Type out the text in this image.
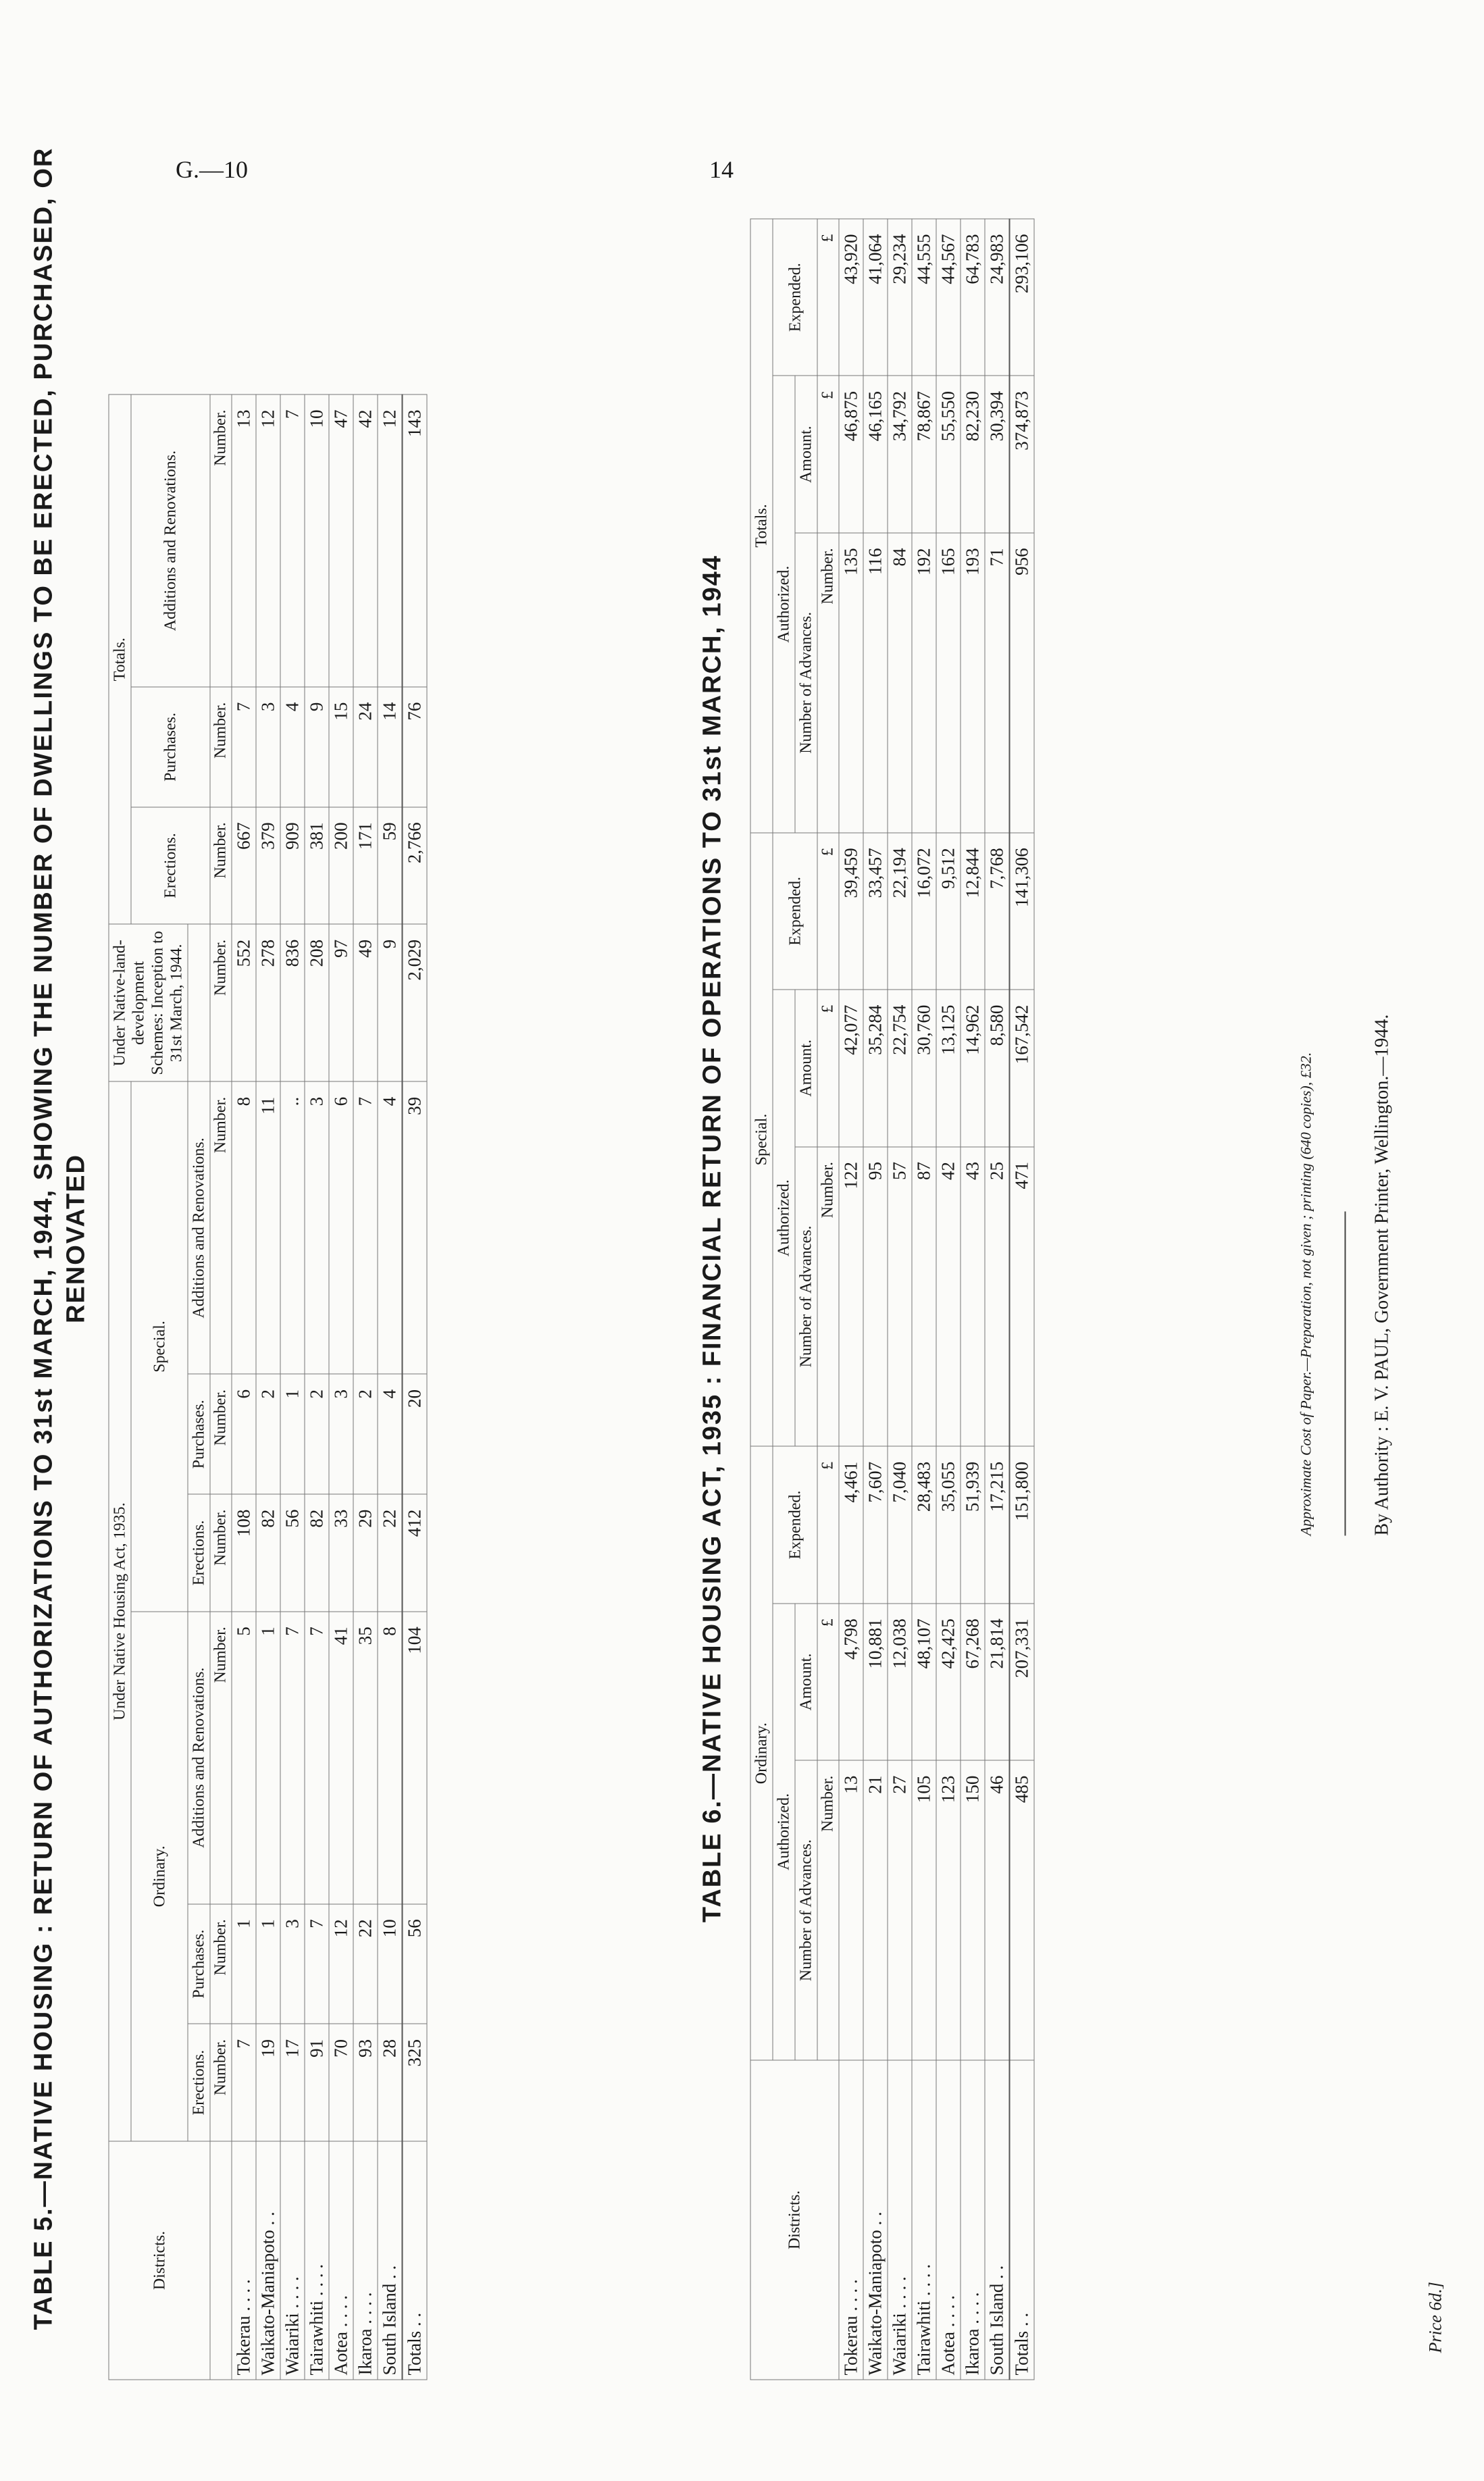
TABLE 5.—NATIVE HOUSING : RETURN OF AUTHORIZATIONS TO 31st MARCH, 1944, SHOWING THE NUMBER OF DWELLINGS TO BE ERECTED, PURCHASED, OR RENOVATED
Districts.	Under Native Housing Act, 1935.						Under Native-land-development Schemes: Inception to 31st March, 1944.	Totals.		
	Ordinary.			Special.				Erections.	Purchases.	Additions and Renovations.
	Erections.	Purchases.	Additions and Renovations.	Erections.	Purchases.	Additions and Renovations.			
	Number.	Number.	Number.	Number.	Number.	Number.	Number.	Number.	Number.	Number.
Tokerau . . . .	7	1	5	108	6	8	552	667	7	13
Waikato-Maniapoto . .	19	1	1	82	2	11	278	379	3	12
Waiariki . . . .	17	3	7	56	1	..	836	909	4	7
Tairawhiti . . . .	91	7	7	82	2	3	208	381	9	10
Aotea . . . .	70	12	41	33	3	6	97	200	15	47
Ikaroa . . . .	93	22	35	29	2	7	49	171	24	42
South Island . .	28	10	8	22	4	4	9	59	14	12
Totals . .	325	56	104	412	20	39	2,029	2,766	76	143
TABLE 6.—NATIVE HOUSING ACT, 1935 : FINANCIAL RETURN OF OPERATIONS TO 31st MARCH, 1944
Districts.	Ordinary.			Special.			Totals.		
	Authorized.		Expended.	Authorized.		Expended.	Authorized.		Expended.
	Number of Advances.	Amount.		Number of Advances.	Amount.		Number of Advances.	Amount.	
	Number.	£	£	Number.	£	£	Number.	£	£
Tokerau . . . .	13	4,798	4,461	122	42,077	39,459	135	46,875	43,920
Waikato-Maniapoto . .	21	10,881	7,607	95	35,284	33,457	116	46,165	41,064
Waiariki . . . .	27	12,038	7,040	57	22,754	22,194	84	34,792	29,234
Tairawhiti . . . .	105	48,107	28,483	87	30,760	16,072	192	78,867	44,555
Aotea . . . .	123	42,425	35,055	42	13,125	9,512	165	55,550	44,567
Ikaroa . . . .	150	67,268	51,939	43	14,962	12,844	193	82,230	64,783
South Island . .	46	21,814	17,215	25	8,580	7,768	71	30,394	24,983
Totals . .	485	207,331	151,800	471	167,542	141,306	956	374,873	293,106
Approximate Cost of Paper.—Preparation, not given ; printing (640 copies), £32.	By Authority : E. V. PAUL, Government Printer, Wellington.—1944.
Price 6d.]
G.—10	14
